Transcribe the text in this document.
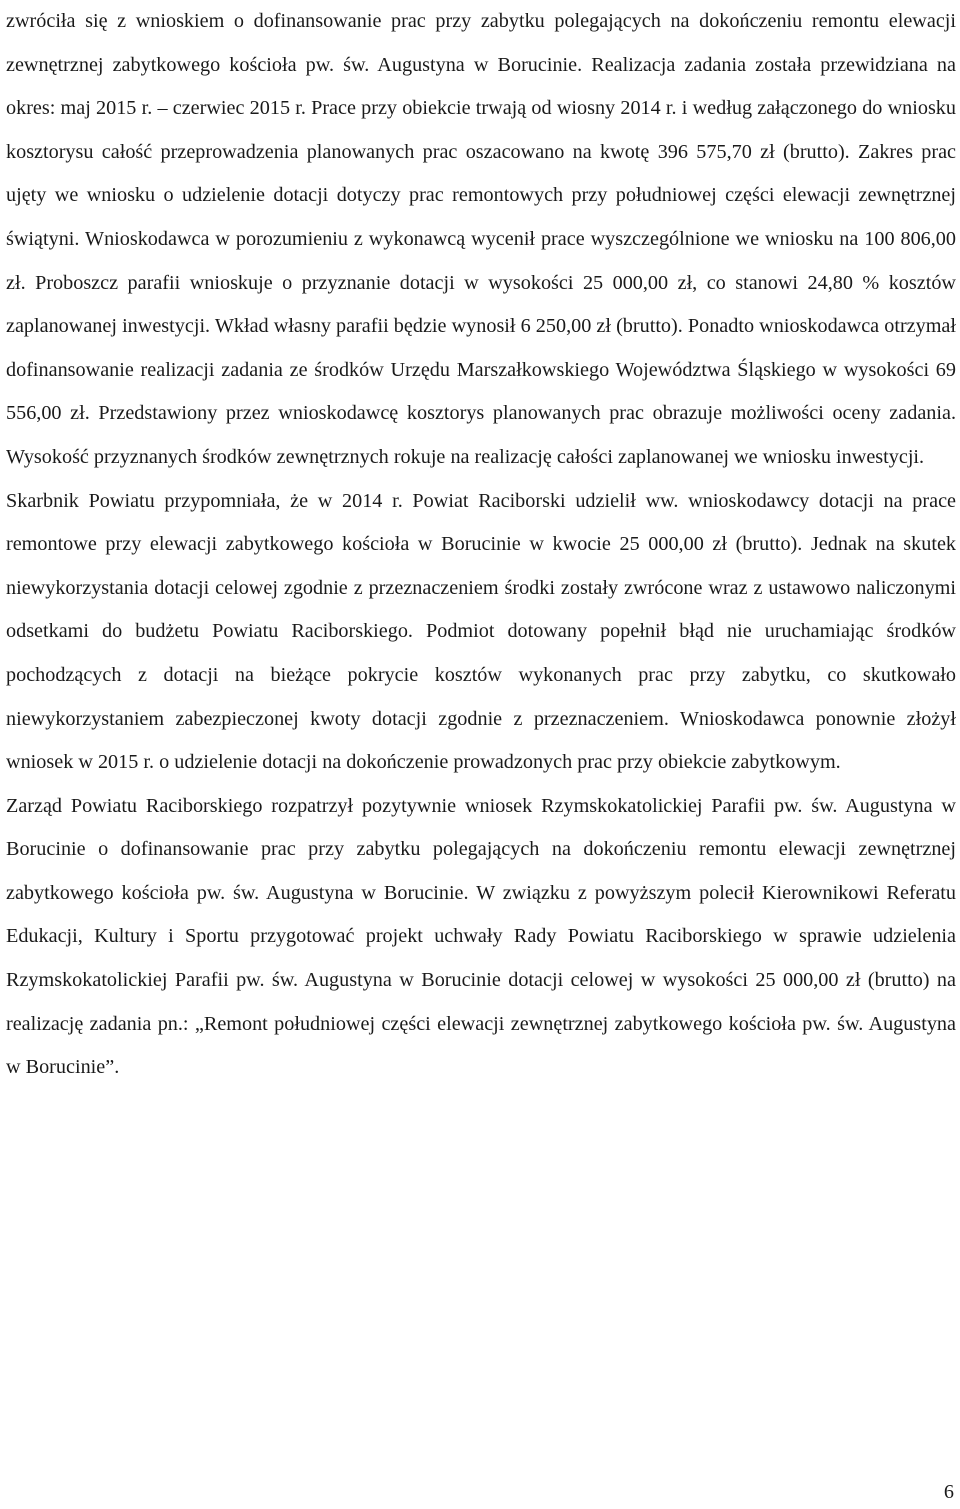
zwróciła się z wnioskiem o dofinansowanie prac przy zabytku polegających na dokończeniu remontu elewacji zewnętrznej zabytkowego kościoła pw. św. Augustyna w Borucinie. Realizacja zadania została przewidziana na okres: maj 2015 r. – czerwiec 2015 r. Prace przy obiekcie trwają od wiosny 2014 r. i według załączonego do wniosku kosztorysu całość przeprowadzenia planowanych prac oszacowano na kwotę 396 575,70 zł (brutto). Zakres prac ujęty we wniosku o udzielenie dotacji dotyczy prac remontowych przy południowej części elewacji zewnętrznej świątyni. Wnioskodawca w porozumieniu z wykonawcą wycenił prace wyszczególnione we wniosku na 100 806,00 zł. Proboszcz parafii wnioskuje o przyznanie dotacji w wysokości 25 000,00 zł, co stanowi 24,80 % kosztów zaplanowanej inwestycji. Wkład własny parafii będzie wynosił 6 250,00 zł (brutto). Ponadto wnioskodawca otrzymał dofinansowanie realizacji zadania ze środków Urzędu Marszałkowskiego Województwa Śląskiego w wysokości 69 556,00 zł. Przedstawiony przez wnioskodawcę kosztorys planowanych prac obrazuje możliwości oceny zadania. Wysokość przyznanych środków zewnętrznych rokuje na realizację całości zaplanowanej we wniosku inwestycji.

Skarbnik Powiatu przypomniała, że w 2014 r. Powiat Raciborski udzielił ww. wnioskodawcy dotacji na prace remontowe przy elewacji zabytkowego kościoła w Borucinie w kwocie 25 000,00 zł (brutto). Jednak na skutek niewykorzystania dotacji celowej zgodnie z przeznaczeniem środki zostały zwrócone wraz z ustawowo naliczonymi odsetkami do budżetu Powiatu Raciborskiego. Podmiot dotowany popełnił błąd nie uruchamiając środków pochodzących z dotacji na bieżące pokrycie kosztów wykonanych prac przy zabytku, co skutkowało niewykorzystaniem zabezpieczonej kwoty dotacji zgodnie z przeznaczeniem. Wnioskodawca ponownie złożył wniosek w 2015 r. o udzielenie dotacji na dokończenie prowadzonych prac przy obiekcie zabytkowym.

Zarząd Powiatu Raciborskiego rozpatrzył pozytywnie wniosek Rzymskokatolickiej Parafii pw. św. Augustyna w Borucinie o dofinansowanie prac przy zabytku polegających na dokończeniu remontu elewacji zewnętrznej zabytkowego kościoła pw. św. Augustyna w Borucinie. W związku z powyższym polecił Kierownikowi Referatu Edukacji, Kultury i Sportu przygotować projekt uchwały Rady Powiatu Raciborskiego w sprawie udzielenia Rzymskokatolickiej Parafii pw. św. Augustyna w Borucinie dotacji celowej w wysokości 25 000,00 zł (brutto) na realizację zadania pn.: „Remont południowej części elewacji zewnętrznej zabytkowego kościoła pw. św. Augustyna w Borucinie”.

6
